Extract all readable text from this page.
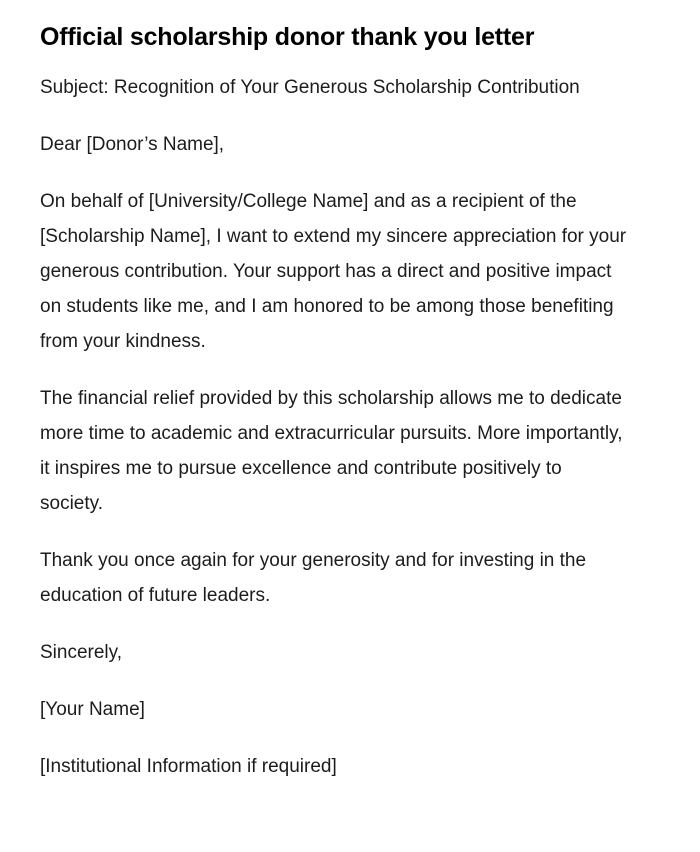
Official scholarship donor thank you letter

Subject: Recognition of Your Generous Scholarship Contribution

Dear [Donor’s Name],

On behalf of [University/College Name] and as a recipient of the [Scholarship Name], I want to extend my sincere appreciation for your generous contribution. Your support has a direct and positive impact on students like me, and I am honored to be among those benefiting from your kindness.

The financial relief provided by this scholarship allows me to dedicate more time to academic and extracurricular pursuits. More importantly, it inspires me to pursue excellence and contribute positively to society.

Thank you once again for your generosity and for investing in the education of future leaders.

Sincerely,

[Your Name]

[Institutional Information if required]
